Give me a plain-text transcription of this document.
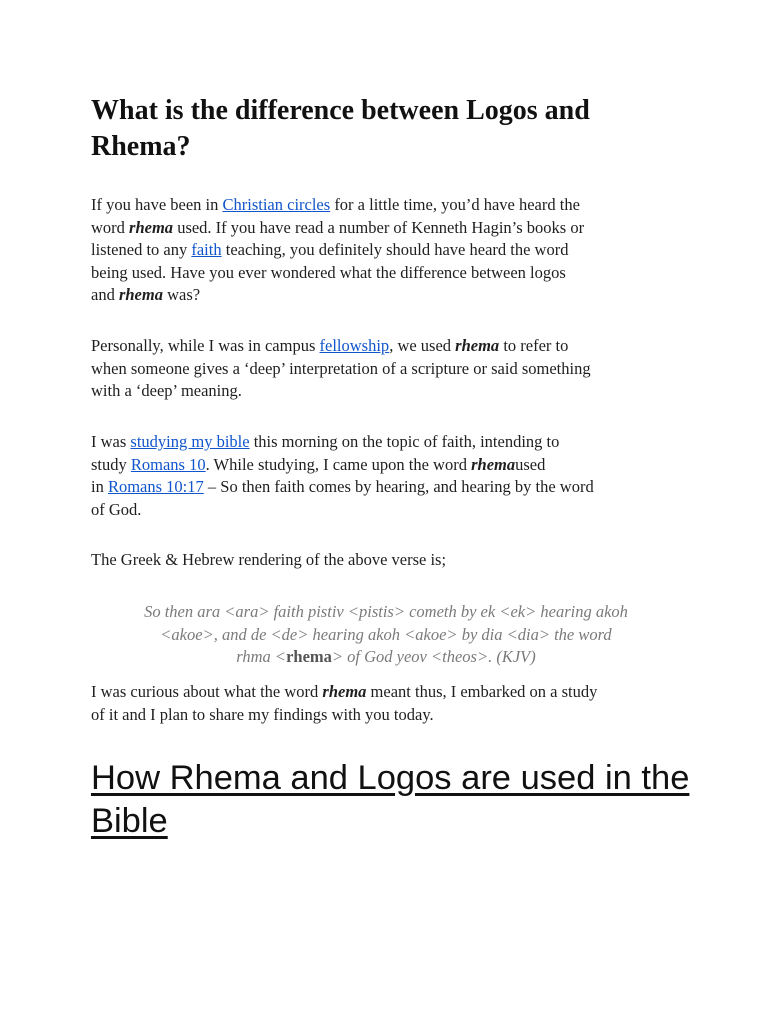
What is the difference between Logos and Rhema?

If you have been in Christian circles for a little time, you’d have heard the
word rhema used. If you have read a number of Kenneth Hagin’s books or
listened to any faith teaching, you definitely should have heard the word
being used. Have you ever wondered what the difference between logos
and rhema was?

Personally, while I was in campus fellowship, we used rhema to refer to
when someone gives a ‘deep’ interpretation of a scripture or said something
with a ‘deep’ meaning.

I was studying my bible this morning on the topic of faith, intending to
study Romans 10. While studying, I came upon the word rhemaused
in Romans 10:17 – So then faith comes by hearing, and hearing by the word
of God.

The Greek & Hebrew rendering of the above verse is;

So then ara <ara> faith pistiv <pistis> cometh by ek <ek> hearing akoh
<akoe>, and de <de> hearing akoh <akoe> by dia <dia> the word
rhma <rhema> of God yeov <theos>. (KJV)

I was curious about what the word rhema meant thus, I embarked on a study
of it and I plan to share my findings with you today.

How Rhema and Logos are used in the Bible
